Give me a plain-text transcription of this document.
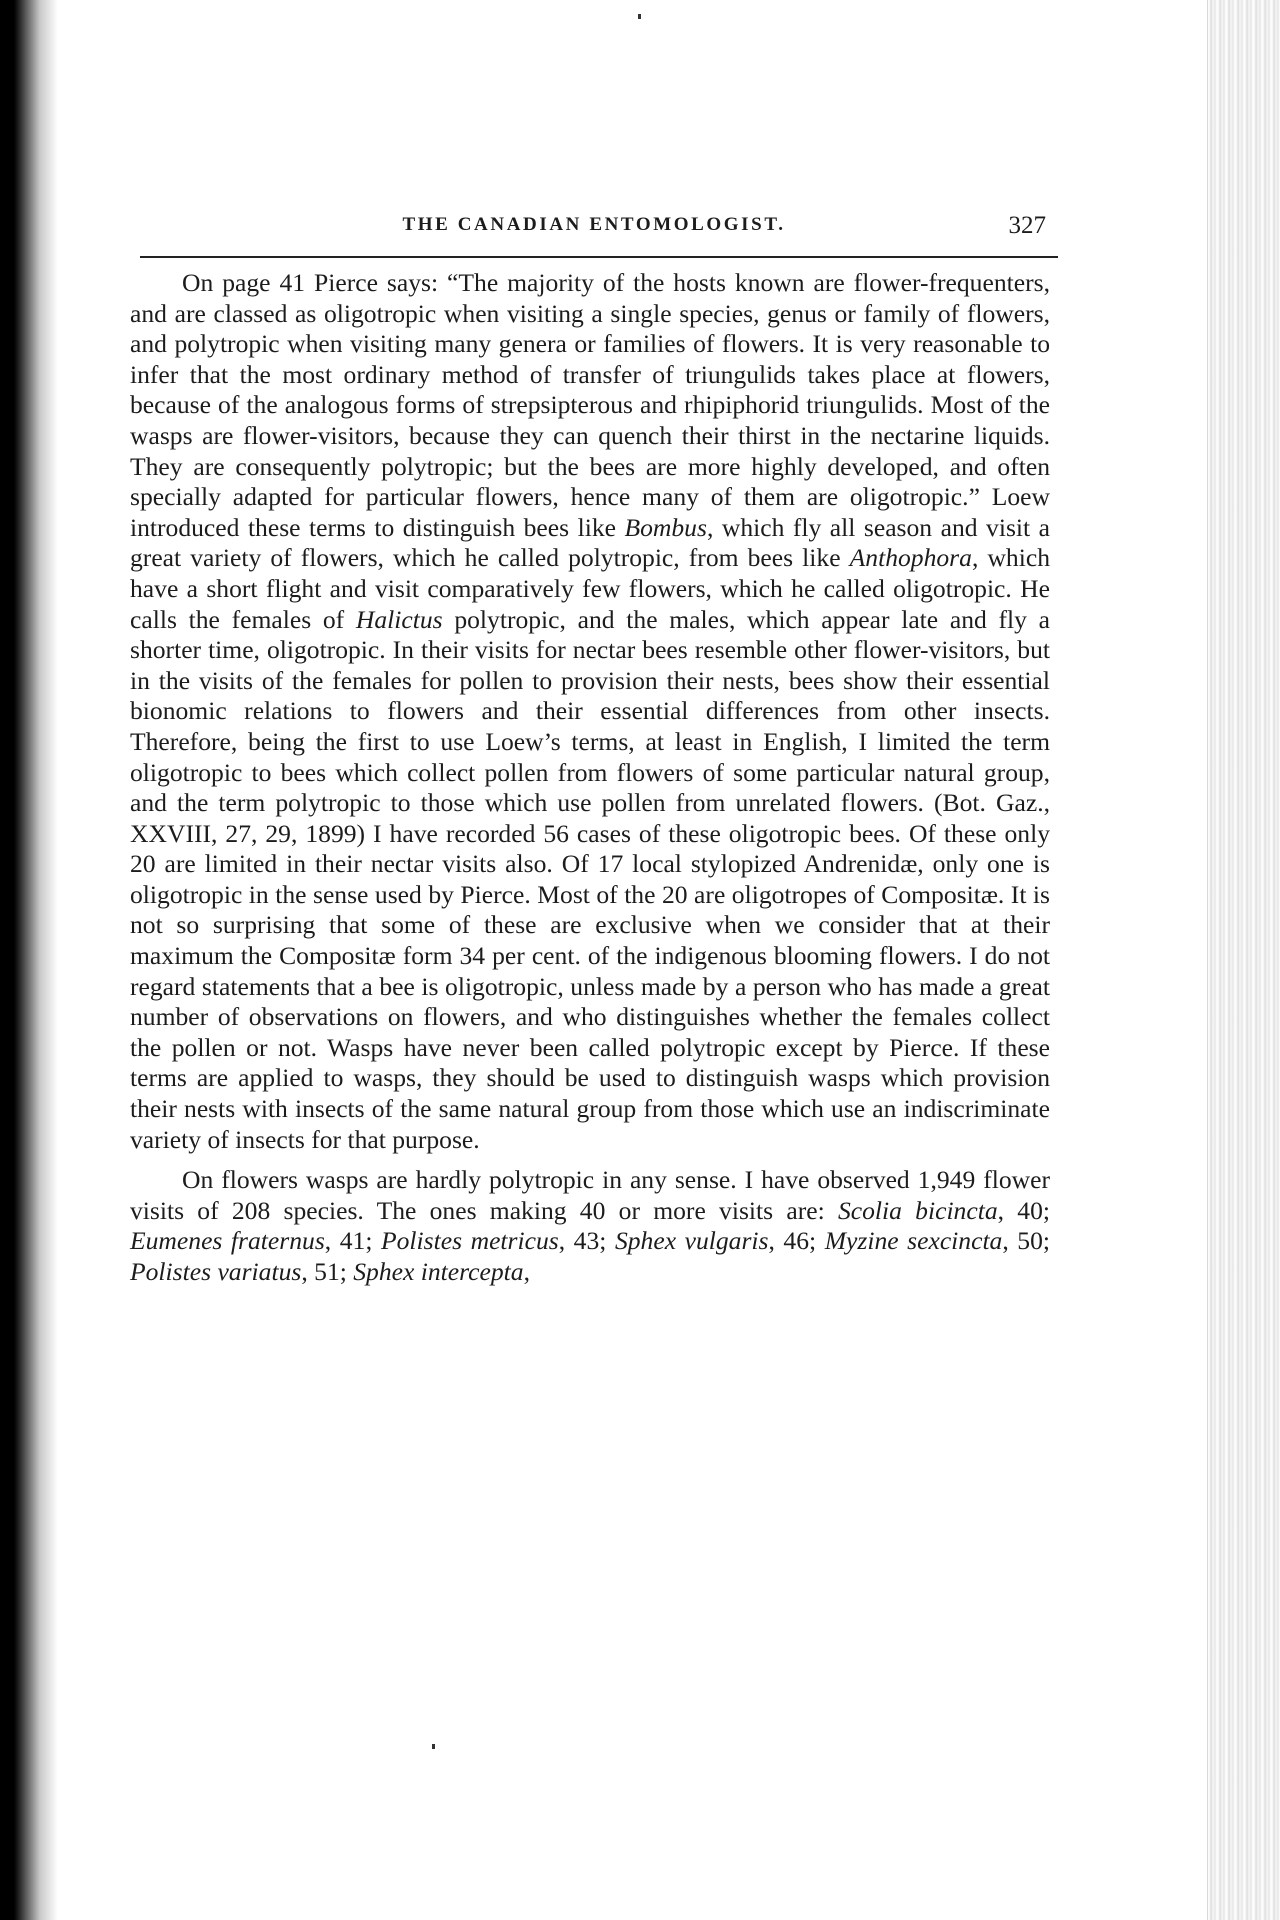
THE CANADIAN ENTOMOLOGIST.	327

On page 41 Pierce says: “The majority of the hosts known are flower-frequenters, and are classed as oligotropic when visiting a single species, genus or family of flowers, and polytropic when visiting many genera or families of flowers. It is very reasonable to infer that the most ordinary method of transfer of triungulids takes place at flowers, because of the analogous forms of strepsipterous and rhipiphorid triungulids. Most of the wasps are flower-visitors, because they can quench their thirst in the nectarine liquids. They are consequently polytropic; but the bees are more highly developed, and often specially adapted for particular flowers, hence many of them are oligotropic.” Loew introduced these terms to distinguish bees like Bombus, which fly all season and visit a great variety of flowers, which he called polytropic, from bees like Anthophora, which have a short flight and visit comparatively few flowers, which he called oligotropic. He calls the females of Halictus polytropic, and the males, which appear late and fly a shorter time, oligotropic. In their visits for nectar bees resemble other flower-visitors, but in the visits of the females for pollen to provision their nests, bees show their essential bionomic relations to flowers and their essential differences from other insects. Therefore, being the first to use Loew’s terms, at least in English, I limited the term oligotropic to bees which collect pollen from flowers of some particular natural group, and the term polytropic to those which use pollen from unrelated flowers. (Bot. Gaz., XXVIII, 27, 29, 1899) I have recorded 56 cases of these oligotropic bees. Of these only 20 are limited in their nectar visits also. Of 17 local stylopized Andrenidæ, only one is oligotropic in the sense used by Pierce. Most of the 20 are oligotropes of Compositæ. It is not so surprising that some of these are exclusive when we consider that at their maximum the Compositæ form 34 per cent. of the indigenous blooming flowers. I do not regard statements that a bee is oligotropic, unless made by a person who has made a great number of observations on flowers, and who distinguishes whether the females collect the pollen or not. Wasps have never been called polytropic except by Pierce. If these terms are applied to wasps, they should be used to distinguish wasps which provision their nests with insects of the same natural group from those which use an indiscriminate variety of insects for that purpose.

On flowers wasps are hardly polytropic in any sense. I have observed 1,949 flower visits of 208 species. The ones making 40 or more visits are: Scolia bicincta, 40; Eumenes fraternus, 41; Polistes metricus, 43; Sphex vulgaris, 46; Myzine sexcincta, 50; Polistes variatus, 51; Sphex intercepta,
